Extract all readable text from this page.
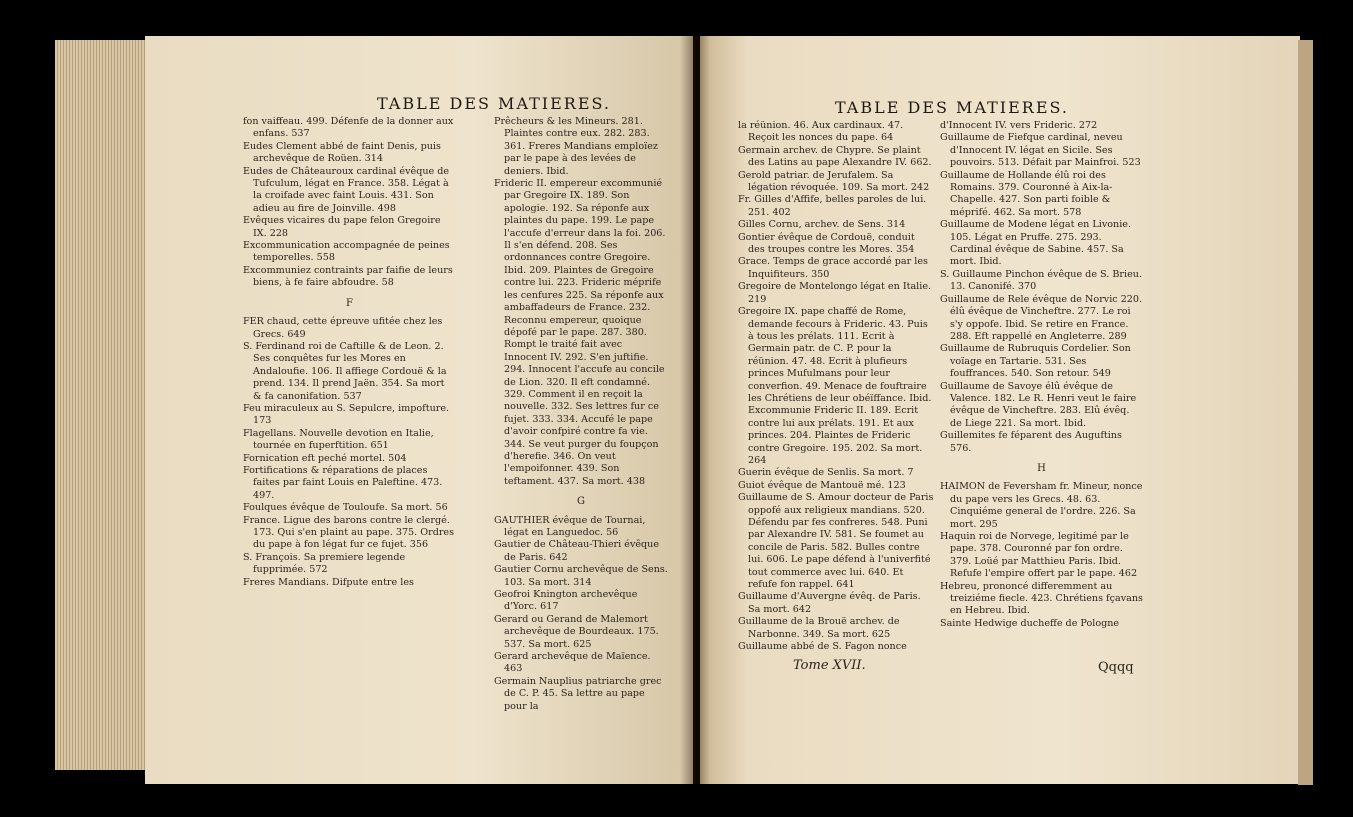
TABLE DES MATIERES.	TABLE DES MATIERES.

fon vaiffeau. 499. Défenfe de la donner aux enfans. 537

Eudes Clement abbé de faint Denis, puis archevêque de Roüen. 314

Eudes de Châteauroux cardinal évêque de Tufculum, légat en France. 358. Légat à la croifade avec faint Louis. 431. Son adieu au fire de Joinville. 498

Evêques vicaires du pape felon Gregoire IX. 228

Excommunication accompagnée de peines temporelles. 558

Excommuniez contraints par faifie de leurs biens, à fe faire abfoudre. 58

F

FER chaud, cette épreuve ufitée chez les Grecs. 649

S. Ferdinand roi de Caftille & de Leon. 2. Ses conquêtes fur les Mores en Andaloufie. 106. Il affiege Cordouë & la prend. 134. Il prend Jaën. 354. Sa mort & fa canonifation. 537

Feu miraculeux au S. Sepulcre, impofture. 173

Flagellans. Nouvelle devotion en Italie, tournée en fuperftition. 651

Fornication eft peché mortel. 504

Fortifications & réparations de places faites par faint Louis en Paleftine. 473. 497.

Foulques évêque de Touloufe. Sa mort. 56

France. Ligue des barons contre le clergé. 173. Qui s'en plaint au pape. 375. Ordres du pape à fon légat fur ce fujet. 356

S. François. Sa premiere legende fupprimée. 572

Freres Mandians. Difpute entre les

Prêcheurs & les Mineurs. 281. Plaintes contre eux. 282. 283. 361. Freres Mandians emploïez par le pape à des levées de deniers. Ibid.

Frideric II. empereur excommunié par Gregoire IX. 189. Son apologie. 192. Sa réponfe aux plaintes du pape. 199. Le pape l'accufe d'erreur dans la foi. 206. Il s'en défend. 208. Ses ordonnances contre Gregoire. Ibid. 209. Plaintes de Gregoire contre lui. 223. Frideric méprife les cenfures 225. Sa réponfe aux ambaffadeurs de France. 232. Reconnu empereur, quoique dépofé par le pape. 287. 380. Rompt le traité fait avec Innocent IV. 292. S'en juftifie. 294. Innocent l'accufe au concile de Lion. 320. Il eft condamné. 329. Comment il en reçoit la nouvelle. 332. Ses lettres fur ce fujet. 333. 334. Accufé le pape d'avoir confpiré contre fa vie. 344. Se veut purger du foupçon d'herefie. 346. On veut l'empoifonner. 439. Son teftament. 437. Sa mort. 438

G

GAUTHIER évêque de Tournai, légat en Languedoc. 56

Gautier de Château-Thieri évêque de Paris. 642

Gautier Cornu archevêque de Sens. 103. Sa mort. 314

Geofroi Knington archevêque d'Yorc. 617

Gerard ou Gerand de Malemort archevêque de Bourdeaux. 175. 537. Sa mort. 625

Gerard archevêque de Maïence. 463

Germain Nauplius patriarche grec de C. P. 45. Sa lettre au pape pour la

la réünion. 46. Aux cardinaux. 47. Reçoit les nonces du pape. 64

Germain archev. de Chypre. Se plaint des Latins au pape Alexandre IV. 662.

Gerold patriar. de Jerufalem. Sa légation révoquée. 109. Sa mort. 242

Fr. Gilles d'Affife, belles paroles de lui. 251. 402

Gilles Cornu, archev. de Sens. 314

Gontier évêque de Cordouë, conduit des troupes contre les Mores. 354

Grace. Temps de grace accordé par les Inquifiteurs. 350

Gregoire de Montelongo légat en Italie. 219

Gregoire IX. pape chaffé de Rome, demande fecours à Frideric. 43. Puis à tous les prélats. 111. Ecrit à Germain patr. de C. P. pour la réünion. 47. 48. Ecrit à plufieurs princes Mufulmans pour leur converfion. 49. Menace de fouftraire les Chrétiens de leur obéïffance. Ibid. Excommunie Frideric II. 189. Ecrit contre lui aux prélats. 191. Et aux princes. 204. Plaintes de Frideric contre Gregoire. 195. 202. Sa mort. 264

Guerin évêque de Senlis. Sa mort. 7

Guiot évêque de Mantouë mé. 123

Guillaume de S. Amour docteur de Paris oppofé aux religieux mandians. 520. Défendu par fes confreres. 548. Puni par Alexandre IV. 581. Se foumet au concile de Paris. 582. Bulles contre lui. 606. Le pape défend à l'univerfité tout commerce avec lui. 640. Et refufe fon rappel. 641

Guillaume d'Auvergne évêq. de Paris. Sa mort. 642

Guillaume de la Brouë archev. de Narbonne. 349. Sa mort. 625

Guillaume abbé de S. Fagon nonce

d'Innocent IV. vers Frideric. 272

Guillaume de Fiefque cardinal, neveu d'Innocent IV. légat en Sicile. Ses pouvoirs. 513. Défait par Mainfroi. 523

Guillaume de Hollande élû roi des Romains. 379. Couronné à Aix-la-Chapelle. 427. Son parti foible & méprifé. 462. Sa mort. 578

Guillaume de Modene légat en Livonie. 105. Légat en Pruffe. 275. 293. Cardinal évêque de Sabine. 457. Sa mort. Ibid.

S. Guillaume Pinchon évêque de S. Brieu. 13. Canonifé. 370

Guillaume de Rele évêque de Norvic 220. élû évêque de Vincheftre. 277. Le roi s'y oppofe. Ibid. Se retire en France. 288. Eft rappellé en Angleterre. 289

Guillaume de Rubruquis Cordelier. Son voïage en Tartarie. 531. Ses fouffrances. 540. Son retour. 549

Guillaume de Savoye élû évêque de Valence. 182. Le R. Henri veut le faire évêque de Vincheftre. 283. Elû évêq. de Liege 221. Sa mort. Ibid.

Guillemites fe féparent des Auguftins 576.

H

HAIMON de Feversham fr. Mineur, nonce du pape vers les Grecs. 48. 63. Cinquiéme general de l'ordre. 226. Sa mort. 295

Haquin roi de Norvege, legitimé par le pape. 378. Couronné par fon ordre. 379. Loüé par Matthieu Paris. Ibid. Refufe l'empire offert par le pape. 462

Hebreu, prononcé differemment au treiziéme fiecle. 423. Chrétiens fçavans en Hebreu. Ibid.

Sainte Hedwige ducheffe de Pologne

Tome XVII.	Qqqq
